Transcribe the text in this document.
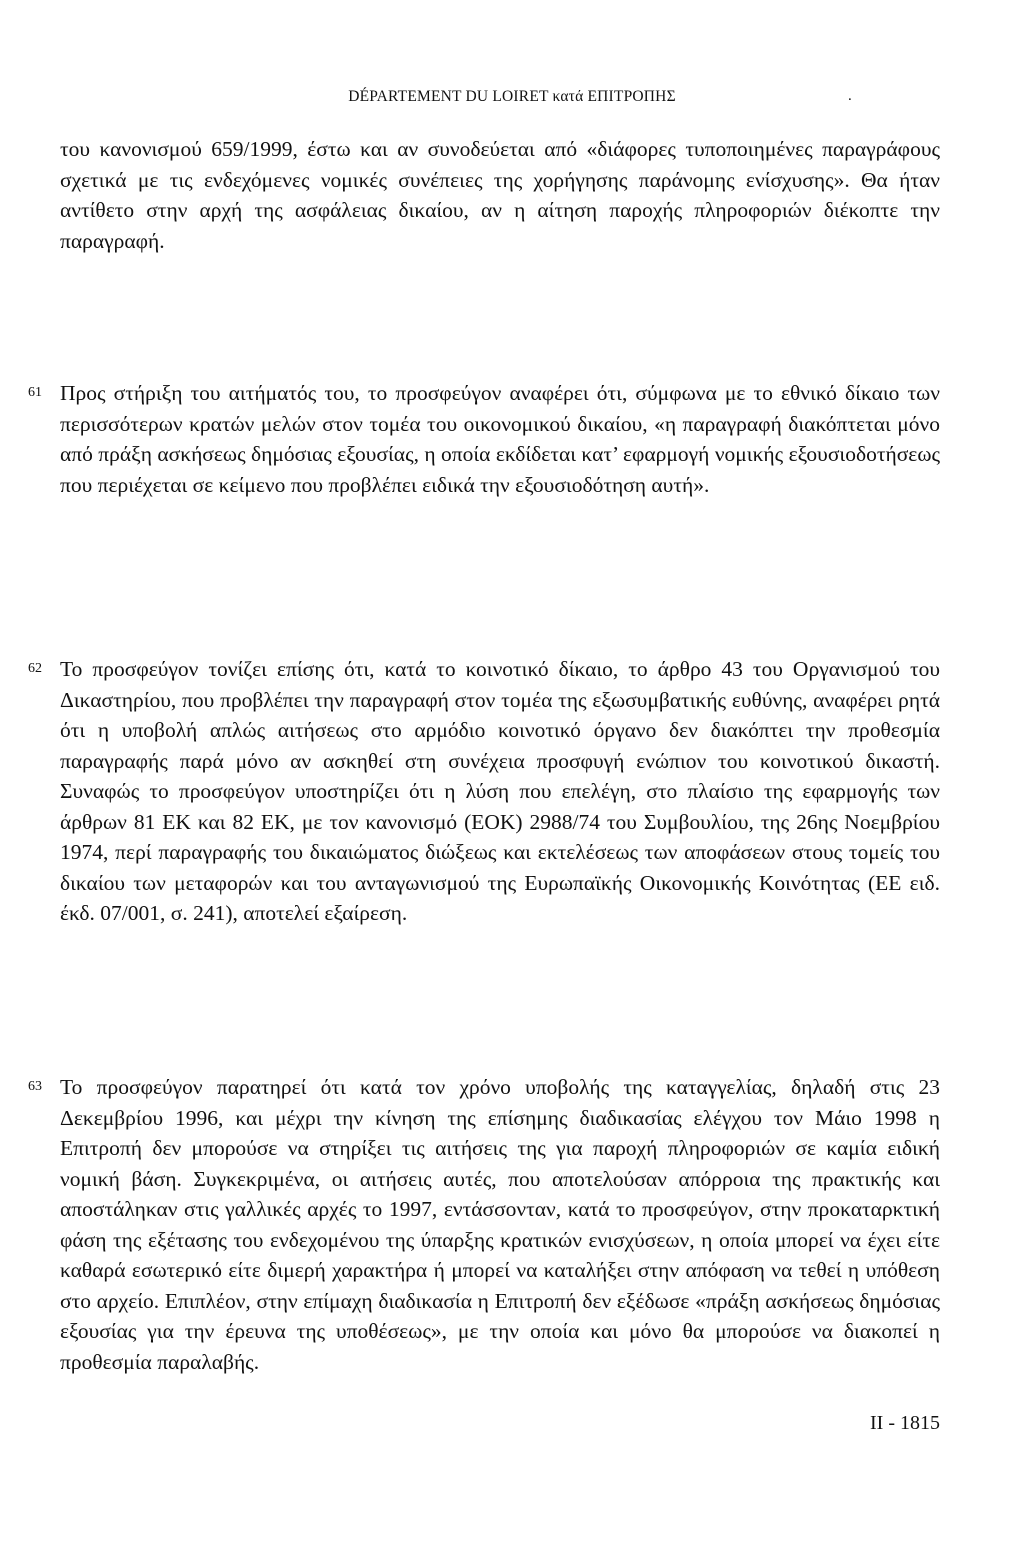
DÉPARTEMENT DU LOIRET κατά ΕΠΙΤΡΟΠΗΣ	.
του κανονισμού 659/1999, έστω και αν συνοδεύεται από «διάφορες τυποποιημένες παραγράφους σχετικά με τις ενδεχόμενες νομικές συνέπειες της χορήγησης παράνομης ενίσχυσης». Θα ήταν αντίθετο στην αρχή της ασφάλειας δικαίου, αν η αίτηση παροχής πληροφοριών διέκοπτε την παραγραφή.
61 Προς στήριξη του αιτήματός του, το προσφεύγον αναφέρει ότι, σύμφωνα με το εθνικό δίκαιο των περισσότερων κρατών μελών στον τομέα του οικονομικού δικαίου, «η παραγραφή διακόπτεται μόνο από πράξη ασκήσεως δημόσιας εξουσίας, η οποία εκδίδεται κατ’ εφαρμογή νομικής εξουσιοδοτήσεως που περιέχεται σε κείμενο που προβλέπει ειδικά την εξουσιοδότηση αυτή».
62 Το προσφεύγον τονίζει επίσης ότι, κατά το κοινοτικό δίκαιο, το άρθρο 43 του Οργανισμού του Δικαστηρίου, που προβλέπει την παραγραφή στον τομέα της εξωσυμβατικής ευθύνης, αναφέρει ρητά ότι η υποβολή απλώς αιτήσεως στο αρμόδιο κοινοτικό όργανο δεν διακόπτει την προθεσμία παραγραφής παρά μόνο αν ασκηθεί στη συνέχεια προσφυγή ενώπιον του κοινοτικού δικαστή. Συναφώς το προσφεύγον υποστηρίζει ότι η λύση που επελέγη, στο πλαίσιο της εφαρμογής των άρθρων 81 ΕΚ και 82 ΕΚ, με τον κανονισμό (ΕΟΚ) 2988/74 του Συμβουλίου, της 26ης Νοεμβρίου 1974, περί παραγραφής του δικαιώματος διώξεως και εκτελέσεως των αποφάσεων στους τομείς του δικαίου των μεταφορών και του ανταγωνισμού της Ευρωπαϊκής Οικονομικής Κοινότητας (ΕΕ ειδ. έκδ. 07/001, σ. 241), αποτελεί εξαίρεση.
63 Το προσφεύγον παρατηρεί ότι κατά τον χρόνο υποβολής της καταγγελίας, δηλαδή στις 23 Δεκεμβρίου 1996, και μέχρι την κίνηση της επίσημης διαδικασίας ελέγχου τον Μάιο 1998 η Επιτροπή δεν μπορούσε να στηρίξει τις αιτήσεις της για παροχή πληροφοριών σε καμία ειδική νομική βάση. Συγκεκριμένα, οι αιτήσεις αυτές, που αποτελούσαν απόρροια της πρακτικής και αποστάληκαν στις γαλλικές αρχές το 1997, εντάσσονταν, κατά το προσφεύγον, στην προκαταρκτική φάση της εξέτασης του ενδεχομένου της ύπαρξης κρατικών ενισχύσεων, η οποία μπορεί να έχει είτε καθαρά εσωτερικό είτε διμερή χαρακτήρα ή μπορεί να καταλήξει στην απόφαση να τεθεί η υπόθεση στο αρχείο. Επιπλέον, στην επίμαχη διαδικασία η Επιτροπή δεν εξέδωσε «πράξη ασκήσεως δημόσιας εξουσίας για την έρευνα της υποθέσεως», με την οποία και μόνο θα μπορούσε να διακοπεί η προθεσμία παραλαβής.
II - 1815
